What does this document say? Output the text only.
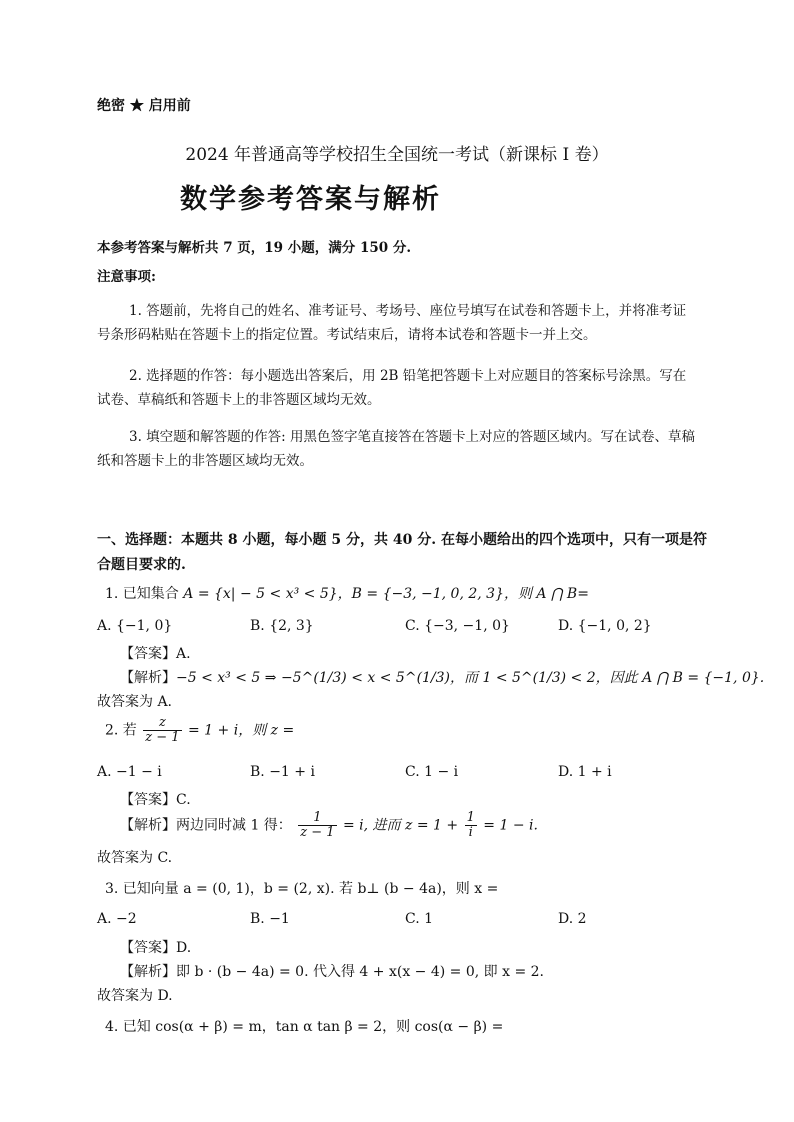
绝密 ★ 启用前
2024 年普通高等学校招生全国统一考试（新课标 I 卷）
数学参考答案与解析
本参考答案与解析共 7 页，19 小题，满分 150 分.
注意事项:
1. 答题前，先将自己的姓名、准考证号、考场号、座位号填写在试卷和答题卡上，并将准考证号条形码粘贴在答题卡上的指定位置。考试结束后，请将本试卷和答题卡一并上交。
2. 选择题的作答：每小题选出答案后，用 2B 铅笔把答题卡上对应题目的答案标号涂黑。写在试卷、草稿纸和答题卡上的非答题区域均无效。
3. 填空题和解答题的作答: 用黑色签字笔直接答在答题卡上对应的答题区域内。写在试卷、草稿纸和答题卡上的非答题区域均无效。
一、选择题：本题共 8 小题，每小题 5 分，共 40 分. 在每小题给出的四个选项中，只有一项是符合题目要求的.
1. 已知集合 A = {x| − 5 < x³ < 5}，B = {−3, −1, 0, 2, 3}，则 A ⋂ B=
A. {−1, 0}	B. {2, 3}	C. {−3, −1, 0}	D. {−1, 0, 2}
【答案】A.
【解析】−5 < x³ < 5 ⇒ −5^(1/3) < x < 5^(1/3)，而 1 < 5^(1/3) < 2，因此 A ⋂ B = {−1, 0}.
故答案为 A.
2. 若 $\frac{z}{z - 1} = 1 + i$，则 z =
A. −1 − i	B. −1 + i	C. 1 − i	D. 1 + i
【答案】C.
【解析】两边同时减 1 得： $\frac{1}{z - 1} = i$, 进而 $z = 1 + \frac{1}{i} = 1 - i$.
故答案为 C.
3. 已知向量 a = (0, 1)，b = (2, x). 若 b⊥ (b − 4a)，则 x =
A. −2	B. −1	C. 1	D. 2
【答案】D.
【解析】即 b · (b − 4a) = 0. 代入得 4 + x(x − 4) = 0, 即 x = 2.
故答案为 D.
4. 已知 cos(α + β) = m，tan α tan β = 2，则 cos(α − β) =
